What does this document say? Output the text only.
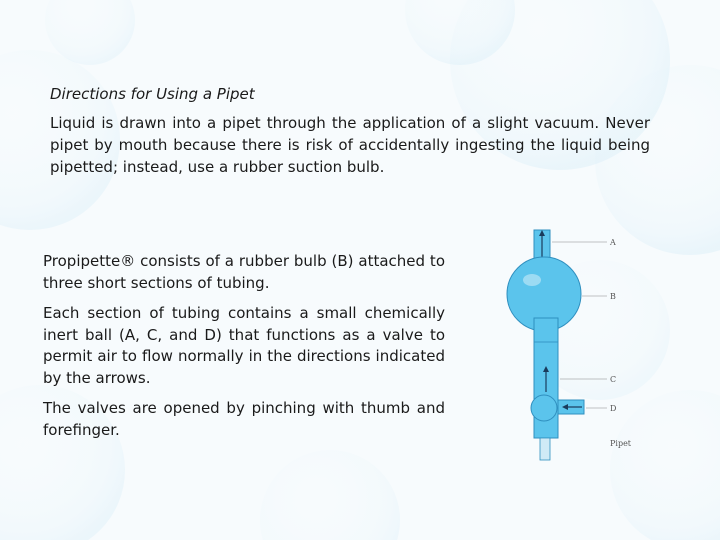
Directions for Using a Pipet

Liquid is drawn into a pipet through the application of a slight vacuum. Never pipet by mouth because there is risk of accidentally ingesting the liquid being pipetted; instead, use a rubber suction bulb.

Propipette® consists of a rubber bulb (B) attached to three short sections of tubing.

Each section of tubing contains a small chemically inert ball (A, C, and D) that functions as a valve to permit air to flow normally in the directions indicated by the arrows.

The valves are opened by pinching with thumb and forefinger.

A
B
C
D
Pipet
